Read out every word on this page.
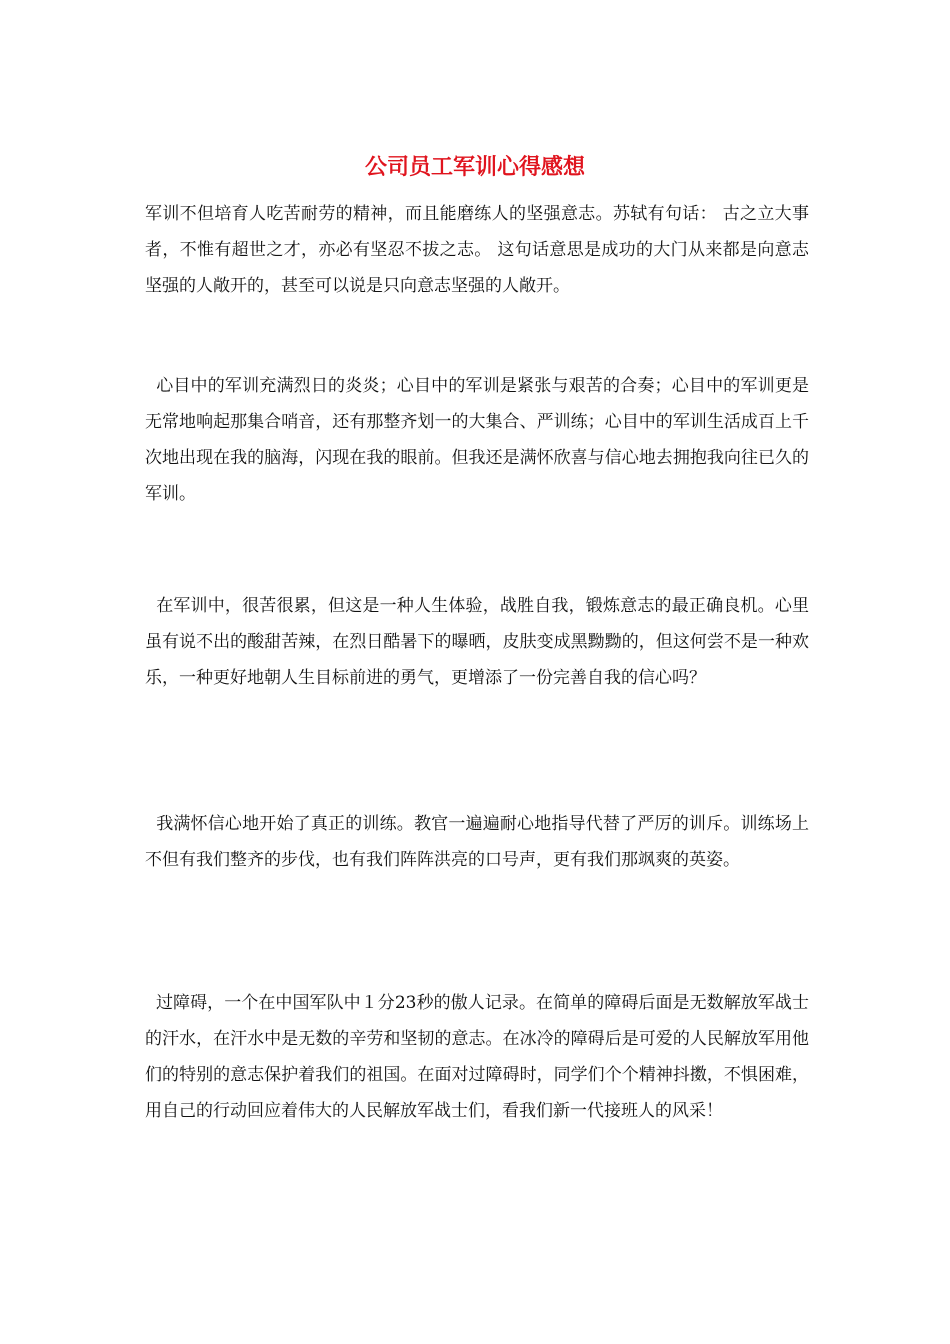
公司员工军训心得感想

军训不但培育人吃苦耐劳的精神，而且能磨练人的坚强意志。苏轼有句话： 古之立大事者，不惟有超世之才，亦必有坚忍不拔之志。 这句话意思是成功的大门从来都是向意志坚强的人敞开的，甚至可以说是只向意志坚强的人敞开。

心目中的军训充满烈日的炎炎；心目中的军训是紧张与艰苦的合奏；心目中的军训更是无常地响起那集合哨音，还有那整齐划一的大集合、严训练；心目中的军训生活成百上千次地出现在我的脑海，闪现在我的眼前。但我还是满怀欣喜与信心地去拥抱我向往已久的军训。

在军训中，很苦很累，但这是一种人生体验，战胜自我，锻炼意志的最正确良机。心里虽有说不出的酸甜苦辣，在烈日酷暑下的曝晒，皮肤变成黑黝黝的，但这何尝不是一种欢乐，一种更好地朝人生目标前进的勇气，更增添了一份完善自我的信心吗？

我满怀信心地开始了真正的训练。教官一遍遍耐心地指导代替了严厉的训斥。训练场上不但有我们整齐的步伐，也有我们阵阵洪亮的口号声，更有我们那飒爽的英姿。

过障碍，一个在中国军队中１分23秒的傲人记录。在简单的障碍后面是无数解放军战士的汗水，在汗水中是无数的辛劳和坚韧的意志。在冰冷的障碍后是可爱的人民解放军用他们的特别的意志保护着我们的祖国。在面对过障碍时，同学们个个精神抖擞，不惧困难，用自己的行动回应着伟大的人民解放军战士们，看我们新一代接班人的风采！
